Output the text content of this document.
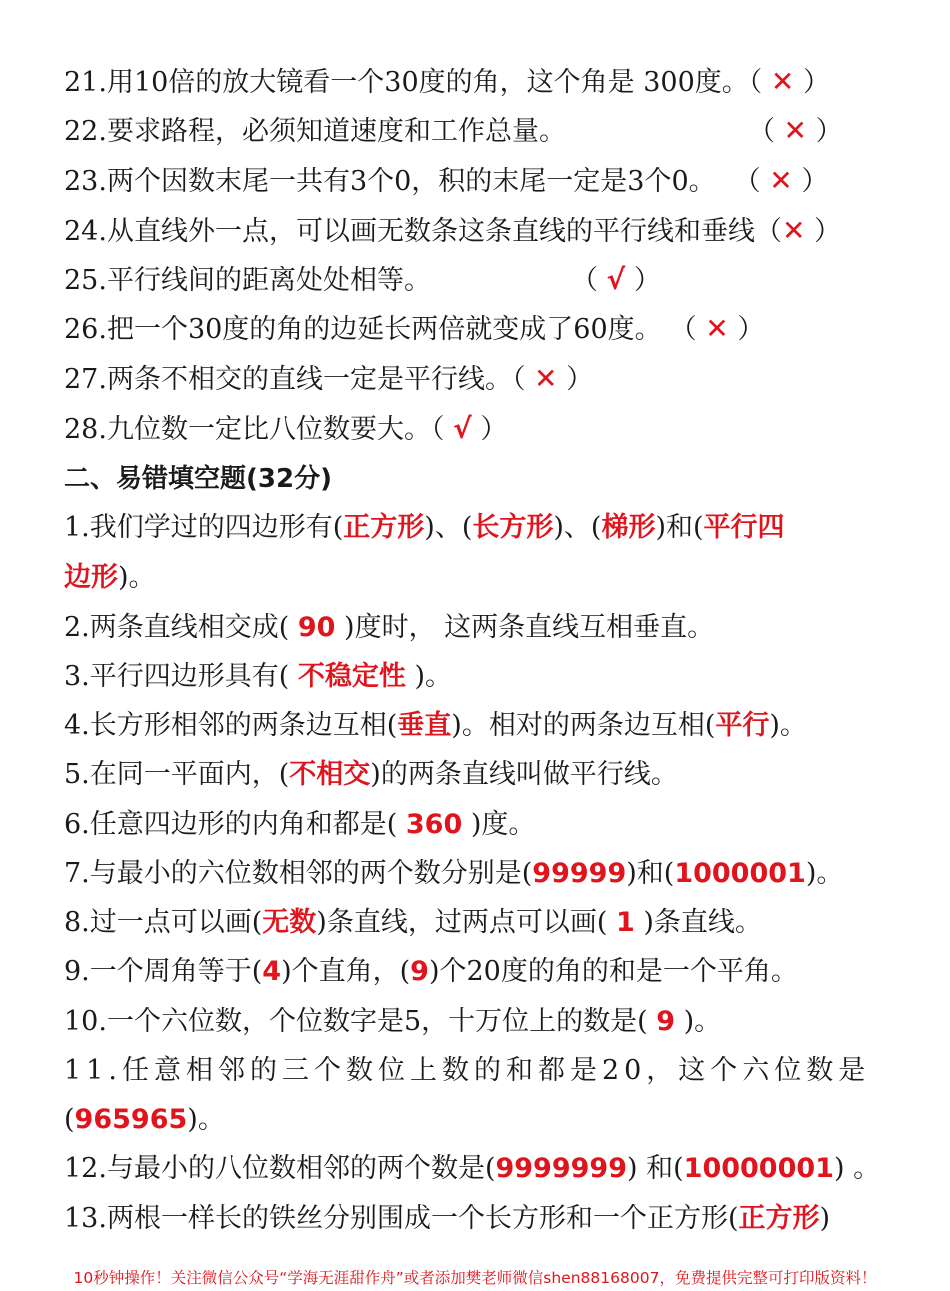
21.用10倍的放大镜看一个30度的角，这个角是 300度。（ ✕ ）
22.要求路程，必须知道速度和工作总量。	（ ✕ ）
23.两个因数末尾一共有3个0，积的末尾一定是3个0。 （ ✕ ）
24.从直线外一点，可以画无数条这条直线的平行线和垂线（✕ ）
25.平行线间的距离处处相等。	（ √ ）
26.把一个30度的角的边延长两倍就变成了60度。 （ ✕ ）
27.两条不相交的直线一定是平行线。（ ✕ ）
28.九位数一定比八位数要大。（ √ ）
二、易错填空题(32分)
1.我们学过的四边形有(正方形)、(长方形)、(梯形)和(平行四
边形)。
2.两条直线相交成( 90 )度时， 这两条直线互相垂直。
3.平行四边形具有( 不稳定性 )。
4.长方形相邻的两条边互相(垂直)。相对的两条边互相(平行)。
5.在同一平面内，(不相交)的两条直线叫做平行线。
6.任意四边形的内角和都是( 360 )度。
7.与最小的六位数相邻的两个数分别是(99999)和(1000001)。
8.过一点可以画(无数)条直线，过两点可以画( 1 )条直线。
9.一个周角等于(4)个直角，(9)个20度的角的和是一个平角。
10.一个六位数，个位数字是5，十万位上的数是( 9 )。
11.任意相邻的三个数位上数的和都是20，这个六位数是
(965965)。
12.与最小的八位数相邻的两个数是(9999999) 和(10000001) 。
13.两根一样长的铁丝分别围成一个长方形和一个正方形(正方形)
10秒钟操作！关注微信公众号“学海无涯甜作舟”或者添加樊老师微信shen88168007，免费提供完整可打印版资料！
